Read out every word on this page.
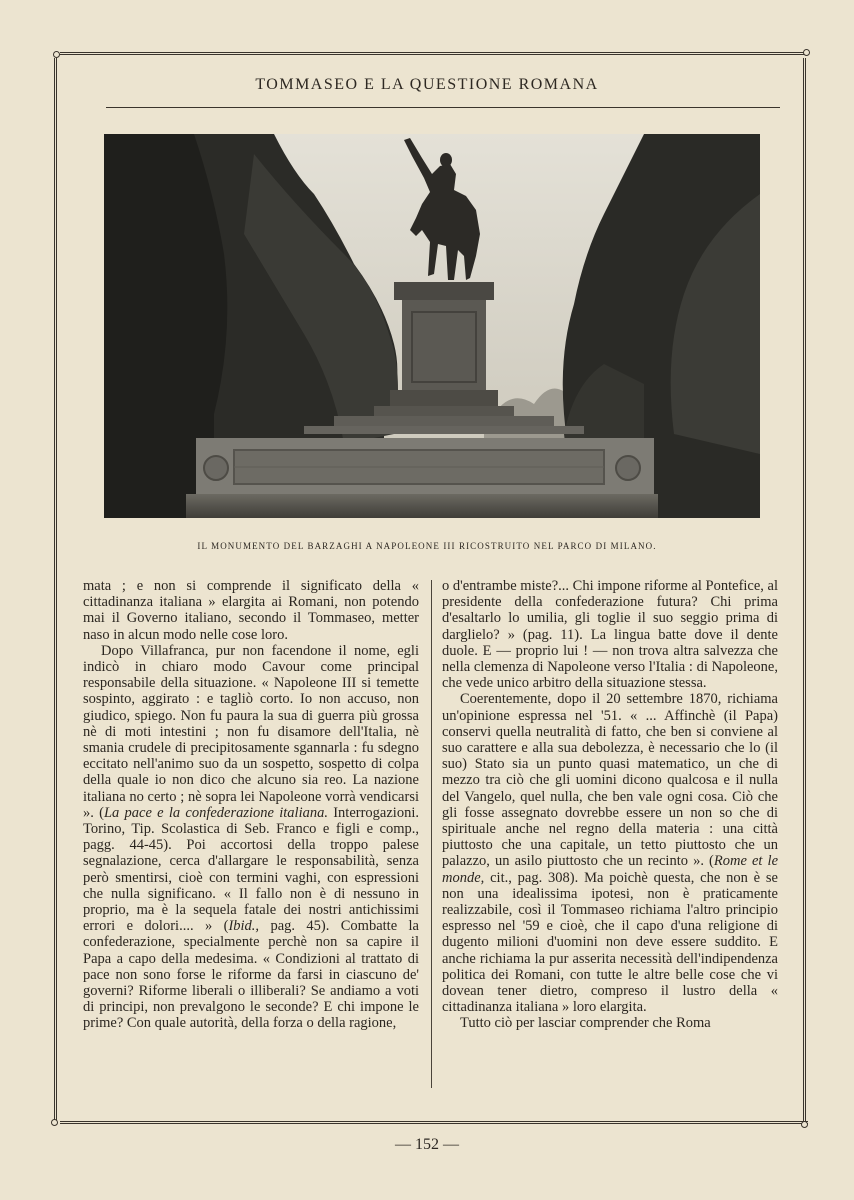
TOMMASEO E LA QUESTIONE ROMANA
IL MONUMENTO DEL BARZAGHI A NAPOLEONE III RICOSTRUITO NEL PARCO DI MILANO.

mata ; e non si comprende il significato della « cittadinanza italiana » elargita ai Romani, non potendo mai il Governo italiano, secondo il Tommaseo, metter naso in alcun modo nelle cose loro.

Dopo Villafranca, pur non facendone il nome, egli indicò in chiaro modo Cavour come principal responsabile della situazione. « Napoleone III si temette sospinto, aggirato : e tagliò corto. Io non accuso, non giudico, spiego. Non fu paura la sua di guerra più grossa nè di moti intestini ; non fu disamore dell'Italia, nè smania crudele di precipitosamente sgannarla : fu sdegno eccitato nell'animo suo da un sospetto, sospetto di colpa della quale io non dico che alcuno sia reo. La nazione italiana no certo ; nè sopra lei Napoleone vorrà vendicarsi ». (La pace e la confederazione italiana. Interrogazioni. Torino, Tip. Scolastica di Seb. Franco e figli e comp., pagg. 44-45). Poi accortosi della troppo palese segnalazione, cerca d'allargare le responsabilità, senza però smentirsi, cioè con termini vaghi, con espressioni che nulla significano. « Il fallo non è di nessuno in proprio, ma è la sequela fatale dei nostri antichissimi errori e dolori.... » (Ibid., pag. 45). Combatte la confederazione, specialmente perchè non sa capire il Papa a capo della medesima. « Condizioni al trattato di pace non sono forse le riforme da farsi in ciascuno de' governi? Riforme liberali o illiberali? Se andiamo a voti di principi, non prevalgono le seconde? E chi impone le prime? Con quale autorità, della forza o della ragione,

o d'entrambe miste?... Chi impone riforme al Pontefice, al presidente della confederazione futura? Chi prima d'esaltarlo lo umilia, gli toglie il suo seggio prima di darglielo? » (pag. 11). La lingua batte dove il dente duole. E — proprio lui ! — non trova altra salvezza che nella clemenza di Napoleone verso l'Italia : di Napoleone, che vede unico arbitro della situazione stessa.

Coerentemente, dopo il 20 settembre 1870, richiama un'opinione espressa nel '51. « ... Affinchè (il Papa) conservi quella neutralità di fatto, che ben si conviene al suo carattere e alla sua debolezza, è necessario che lo (il suo) Stato sia un punto quasi matematico, un che di mezzo tra ciò che gli uomini dicono qualcosa e il nulla del Vangelo, quel nulla, che ben vale ogni cosa. Ciò che gli fosse assegnato dovrebbe essere un non so che di spirituale anche nel regno della materia : una città piuttosto che una capitale, un tetto piuttosto che un palazzo, un asilo piuttosto che un recinto ». (Rome et le monde, cit., pag. 308). Ma poichè questa, che non è se non una idealissima ipotesi, non è praticamente realizzabile, così il Tommaseo richiama l'altro principio espresso nel '59 e cioè, che il capo d'una religione di dugento milioni d'uomini non deve essere suddito. E anche richiama la pur asserita necessità dell'indipendenza politica dei Romani, con tutte le altre belle cose che vi dovean tener dietro, compreso il lustro della « cittadinanza italiana » loro elargita.

Tutto ciò per lasciar comprender che Roma

— 152 —
